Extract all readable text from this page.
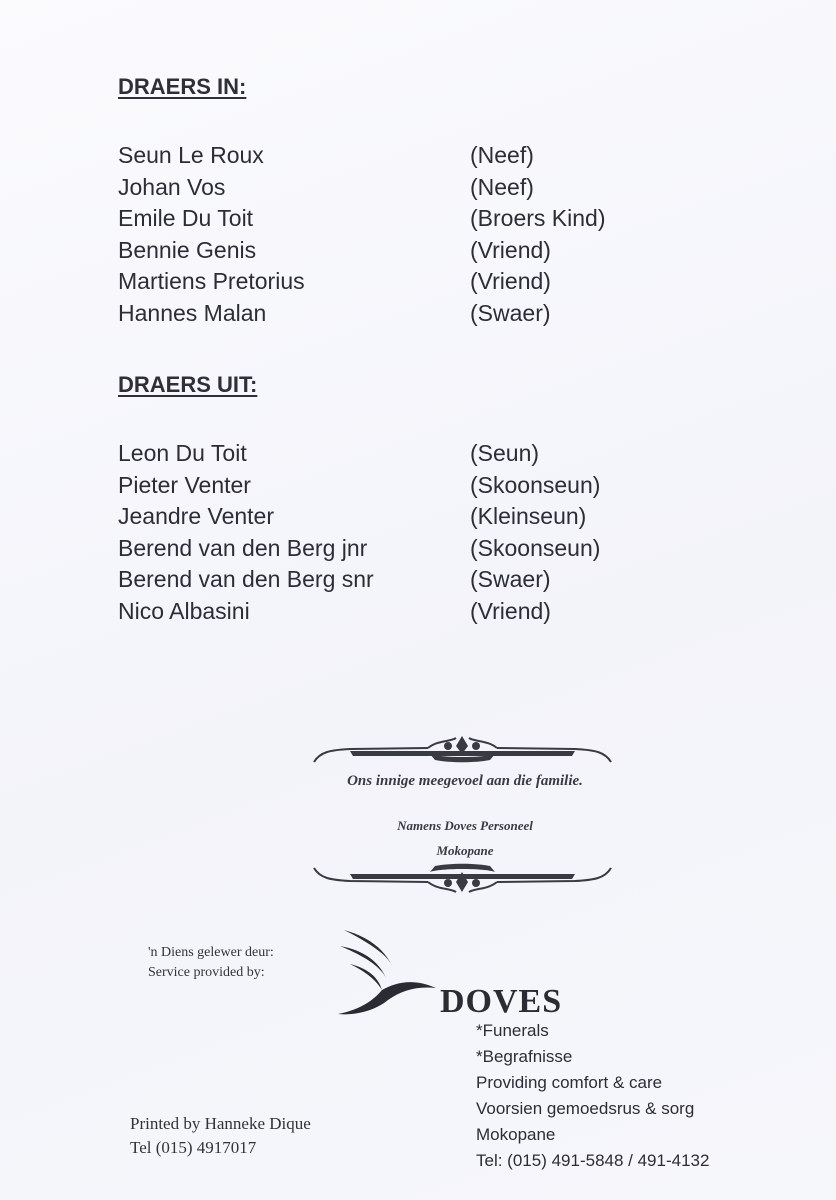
DRAERS IN:
Seun Le Roux	(Neef)
Johan Vos	(Neef)
Emile Du Toit	(Broers Kind)
Bennie Genis	(Vriend)
Martiens Pretorius	(Vriend)
Hannes Malan	(Swaer)
DRAERS UIT:
Leon Du Toit	(Seun)
Pieter Venter	(Skoonseun)
Jeandre Venter	(Kleinseun)
Berend van den Berg jnr	(Skoonseun)
Berend van den Berg snr	(Swaer)
Nico Albasini	(Vriend)
Ons innige meegevoel aan die familie.
Namens Doves Personeel
Mokopane
'n Diens gelewer deur:
Service provided by:
DOVES
*Funerals
*Begrafnisse
Providing comfort & care
Voorsien gemoedsrus & sorg
Mokopane
Tel: (015) 491-5848 / 491-4132
Printed by Hanneke Dique
Tel (015) 4917017
